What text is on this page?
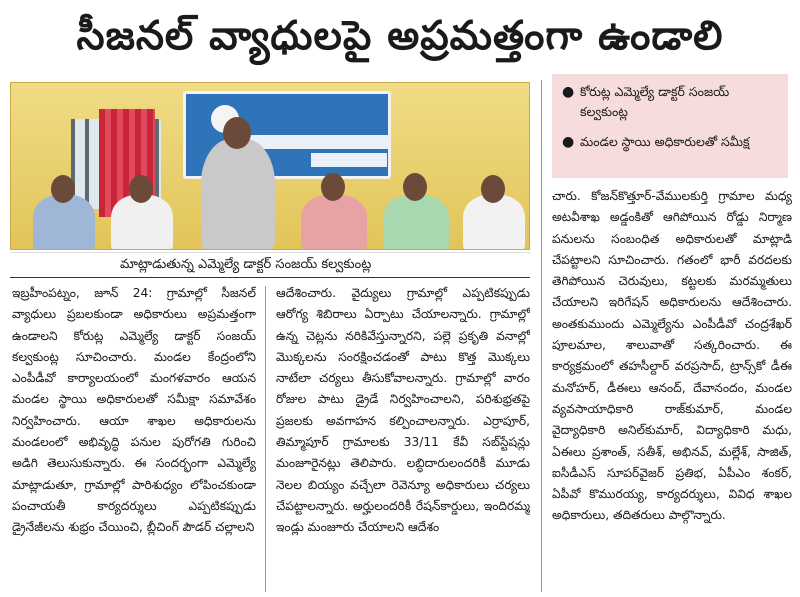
సీజనల్ వ్యాధులపై అప్రమత్తంగా ఉండాలి
మాట్లాడుతున్న ఎమ్మెల్యే డాక్టర్ సంజయ్ కల్వకుంట్ల
● కోరుట్ల ఎమ్మెల్యే డాక్టర్ సంజయ్ కల్వకుంట్ల
● మండల స్థాయి అధికారులతో సమీక్ష

ఇబ్రహీంపట్నం, జూన్ 24: గ్రామాల్లో సీజనల్ వ్యాధులు ప్రబలకుండా అధికారులు అప్రమత్తంగా ఉండాలని కోరుట్ల ఎమ్మెల్యే డాక్టర్ సంజయ్ కల్వకుంట్ల సూచించారు. మండల కేంద్రంలోని ఎంపీడీవో కార్యాలయంలో మంగళవారం ఆయన మండల స్థాయి అధికారులతో సమీక్షా సమావేశం నిర్వహించారు. ఆయా శాఖల అధికారులను మండలంలో అభివృద్ధి పనుల పురోగతి గురించి అడిగి తెలుసుకున్నారు. ఈ సందర్భంగా ఎమ్మెల్యే మాట్లాడుతూ, గ్రామాల్లో పారిశుధ్యం లోపించకుండా పంచాయతీ కార్యదర్శులు ఎప్పటికప్పుడు డ్రైనేజీలను శుభ్రం చేయించి, బ్లీచింగ్ పౌడర్ చల్లాలని

ఆదేశించారు. వైద్యులు గ్రామాల్లో ఎప్పటికప్పుడు ఆరోగ్య శిబిరాలు ఏర్పాటు చేయాలన్నారు. గ్రామాల్లో ఉన్న చెట్లను నరికివేస్తున్నారని, పల్లె ప్రకృతి వనాల్లో మొక్కలను సంరక్షించడంతో పాటు కొత్త మొక్కలు నాటేలా చర్యలు తీసుకోవాలన్నారు. గ్రామాల్లో వారం రోజుల పాటు డ్రైడే నిర్వహించాలని, పరిశుభ్రతపై ప్రజలకు అవగాహన కల్పించాలన్నారు. ఎర్రాపూర్, తిమ్మాపూర్ గ్రామాలకు 33/11 కేవీ సబ్‌స్టేషన్లు మంజూరైనట్లు తెలిపారు. లబ్ధిదారులందరికీ మూడు నెలల బియ్యం వచ్చేలా రెవెన్యూ అధికారులు చర్యలు చేపట్టాలన్నారు. అర్హులందరికీ రేషన్‌కార్డులు, ఇందిరమ్మ ఇండ్లు మంజూరు చేయాలని ఆదేశం

చారు. కోజన్‌కొత్తూర్-వేములకుర్తి గ్రామాల మధ్య అటవీశాఖ అడ్డంకితో ఆగిపోయిన రోడ్డు నిర్మాణ పనులను సంబంధిత అధికారులతో మాట్లాడి చేపట్టాలని సూచించారు. గతంలో భారీ వరదలకు తెగిపోయిన చెరువులు, కట్టలకు మరమ్మతులు చేయాలని ఇరిగేషన్ అధికారులను ఆదేశించారు. అంతకుముందు ఎమ్మెల్యేను ఎంపీడీవో చంద్రశేఖర్ పూలమాల, శాలువాతో సత్కరించారు. ఈ కార్యక్రమంలో తహసీల్దార్ వరప్రసాద్, ట్రాన్స్‌కో డీఈ మనోహర్, డీఈలు ఆనంద్, దేవానందం, మండల వ్యవసాయాధికారి రాజ్‌కుమార్, మండల వైద్యాధికారి అనిల్‌కుమార్, విద్యాధికారి మధు, ఏఈలు ప్రశాంత్, సతీశ్, అభినవ్, మల్లేశ్, సాజిత్, ఐసీడీఎస్ సూపర్‌వైజర్ ప్రతిభ, ఏపీఎం శంకర్, ఏపీవో కొమురయ్య, కార్యదర్శులు, వివిధ శాఖల అధికారులు, తదితరులు పాల్గొన్నారు.
